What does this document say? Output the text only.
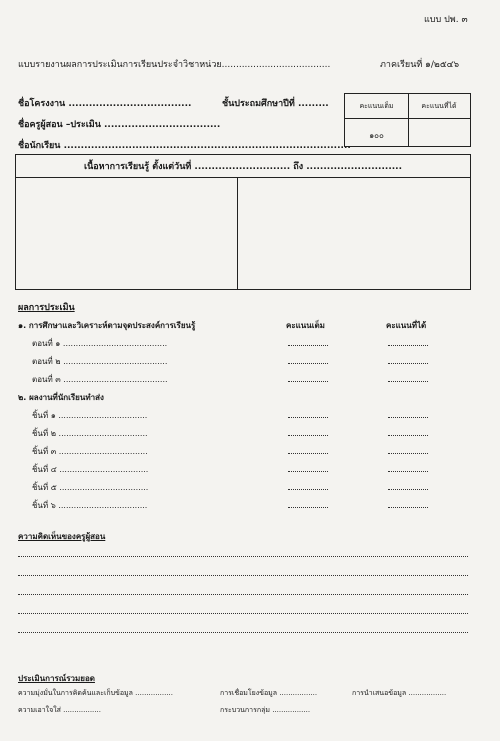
แบบ ปพ. ๓
แบบรายงานผลการประเมินการเรียนประจำวิชาหน่วย......................................	ภาคเรียนที่ ๑/๒๕๔๖
ชื่อโครงงาน ....................................	ชั้นประถมศึกษาปีที่ .........
ชื่อครูผู้สอน –ประเมิน ..................................
ชื่อนักเรียน ....................................................................................
คะแนนเต็ม	คะแนนที่ได้
๑๐๐
เนื้อหาการเรียนรู้ ตั้งแต่วันที่ ............................ ถึง ............................
ผลการประเมิน
๑. การศึกษาและวิเคราะห์ตามจุดประสงค์การเรียนรู้	คะแนนเต็ม	คะแนนที่ได้
ตอนที่ ๑ .........................................
ตอนที่ ๒ .........................................
ตอนที่ ๓ .........................................
๒. ผลงานที่นักเรียนทำส่ง
ชิ้นที่ ๑ ...................................
ชิ้นที่ ๒ ...................................
ชิ้นที่ ๓ ...................................
ชิ้นที่ ๔ ...................................
ชิ้นที่ ๕ ...................................
ชิ้นที่ ๖ ...................................
ความคิดเห็นของครูผู้สอน
ประเมินการณ์รวมยอด
ความมุ่งมั่นในการคิดค้นและเก็บข้อมูล .................	การเชื่อมโยงข้อมูล .................	การนำเสนอข้อมูล .................
ความเอาใจใส่ .................	กระบวนการกลุ่ม .................
